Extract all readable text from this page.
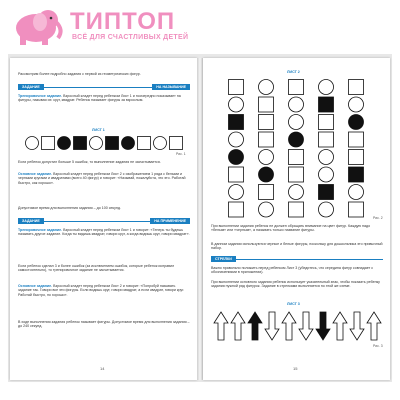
ТИПТОП
ВСЁ ДЛЯ СЧАСТЛИВЫХ ДЕТЕЙ
Рассмотрим более подробно задания с первой из геометрических фигур.
ЗАДАНИЕ	НА НАЗЫВАНИЕ
Тренировочное задание. Взрослый кладет перед ребенком Лист 1 и поочередно показывает на фигуры, называя их: круг, квадрат. Ребенок называет фигуры за взрослым.
ЛИСТ 1
Рис. 1
Если ребенок допустил больше 5 ошибок, то выполнение задания не засчитывается.
Основное задание. Взрослый кладет перед ребенком Лист 2 с изображением 1 ряда с белыми и черными кругами и квадратами (всего 40 фигур) и говорит: «Называй, пожалуйста, что это. Работай быстро, как хорошо».
Допустимое время для выполнения задания – до 100 секунд.
ЗАДАНИЕ	НА ПРИМЕНЕНИЕ
Тренировочное задание. Взрослый кладет перед ребенком Лист 1 и говорит: «Теперь ты будешь называть другое задание. Когда ты видишь квадрат, говори круг, а когда видишь круг, говори квадрат».
Если ребенок сделал 3 и более ошибок (за исключением ошибок, которые ребенок исправил самостоятельно), то тренировочное задание не засчитывается.
Основное задание. Взрослый кладет перед ребенком Лист 2 и говорит: «Попробуй называть задание так. Говори все эти фигуры. Если видишь круг, говори квадрат, а если квадрат, говори круг. Работай быстро, но хорошо».
В ходе выполнения задания ребенок называет фигуры. Допустимое время для выполнения задания – до 240 секунд.
14
ЛИСТ 2
Рис. 2
При выполнении задания ребенок не должен обращать внимание на цвет фигур. Каждую надо «белым» или «черным», а называть только название фигуры.
В данном задании используются черные и белые фигуры, поскольку для дошкольника это привычный набор.
СТРЕЛКИ
Важно правильно положить перед ребенком Лист 3 (убедитесь, что середина фигур совпадает с обозначениями в приложении).
При выполнении основного задания ребенок использует указательный знак, чтобы показать ребенку задания нужной ряд фигурок. Задание в стрелками выполняется по этой же схеме.
ЛИСТ 3
Рис. 3
15
